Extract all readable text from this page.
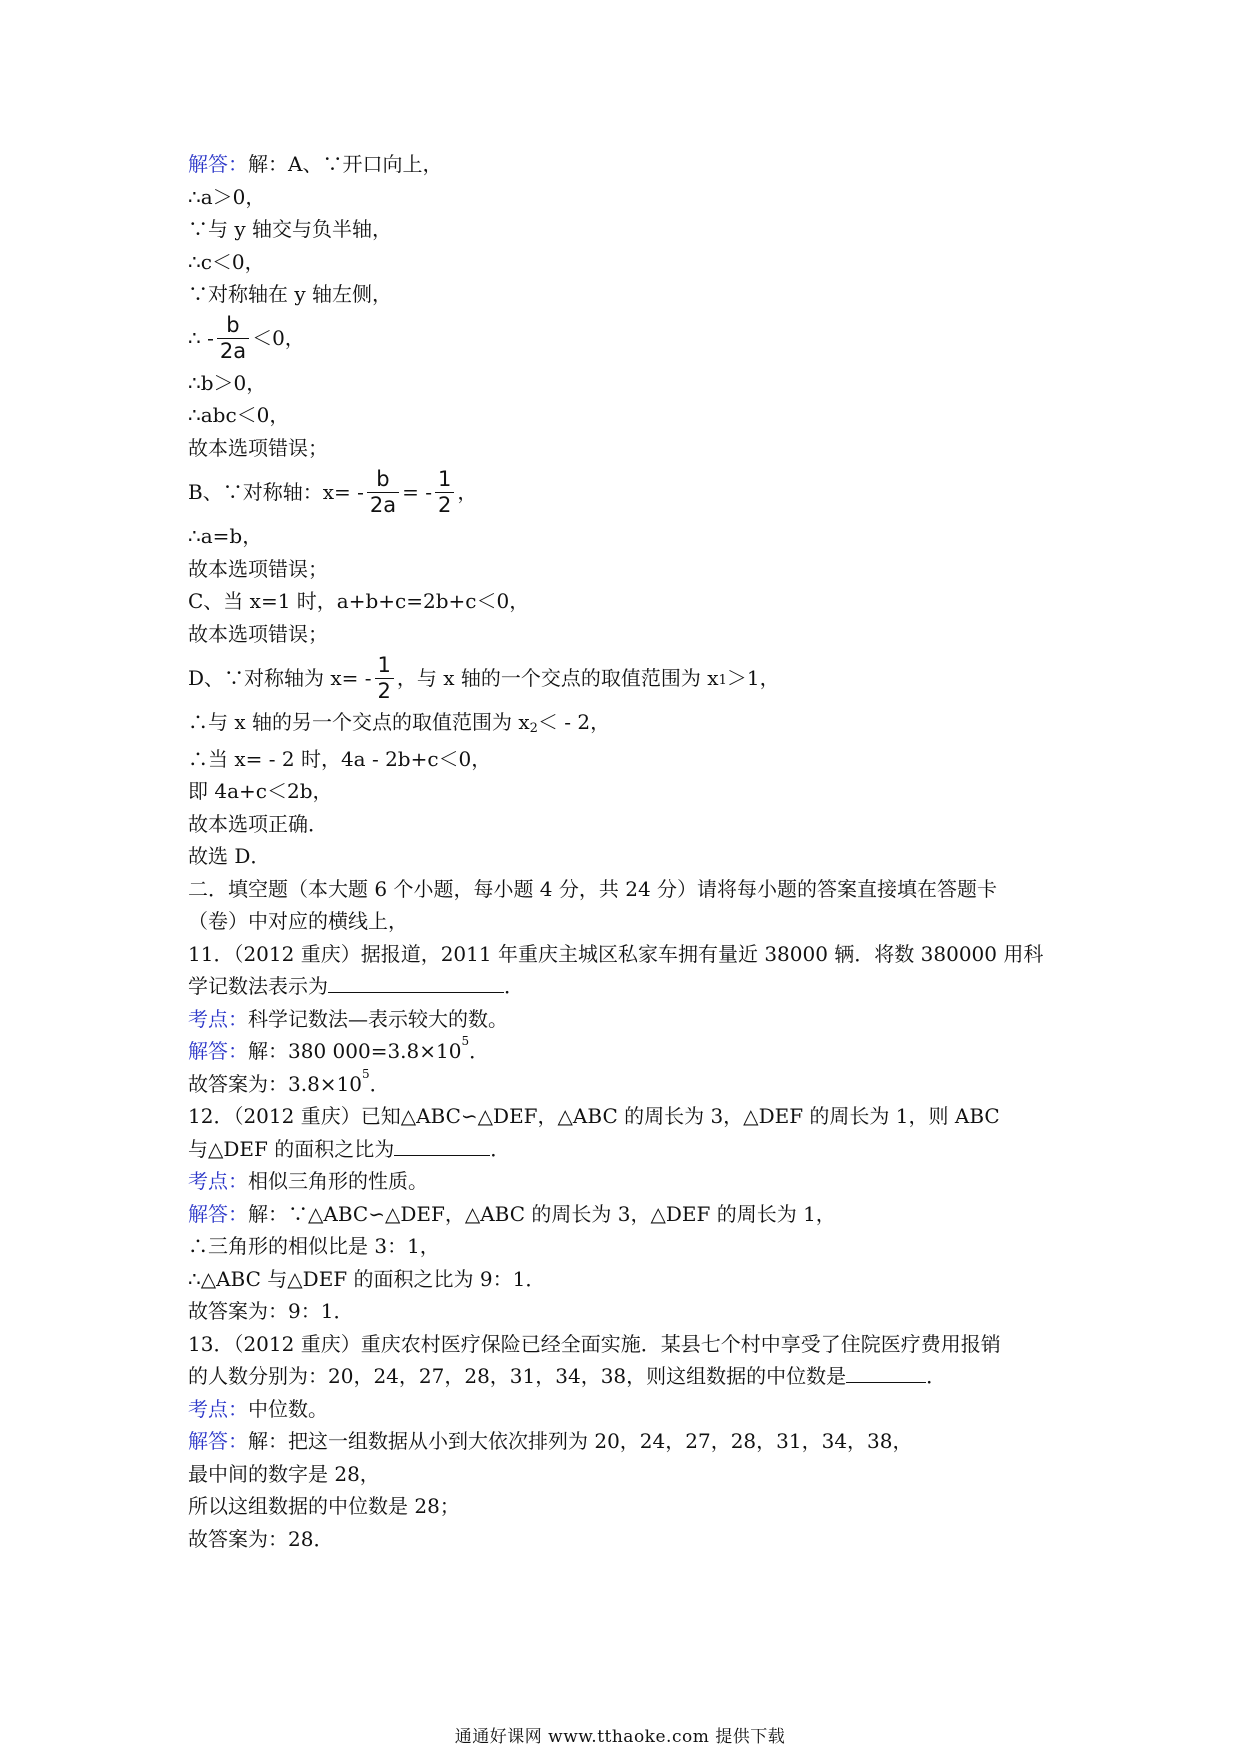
解答：解：A、∵开口向上，
∴a＞0，
∵与 y 轴交与负半轴，
∴c＜0，
∵对称轴在 y 轴左侧，
∴ - $\frac{b}{2a} <0$，
∴b＞0，
∴abc＜0，
故本选项错误；
B、∵对称轴：$x= - \frac{b}{2a}$ = - $\frac{1}{2}$ ，
∴a=b，
故本选项错误；
C、当 x=1 时，a+b+c=2b+c＜0，
故本选项错误；
D、∵对称轴为 $x= - \frac{1}{2}$ ，与 x 轴的一个交点的取值范围为 $x_1 >1$，
∴与 x 轴的另一个交点的取值范围为 $x_2< - 2$，
∴当 x= - 2 时，4a - 2b+c＜0，
即 4a+c＜2b，
故本选项正确．
故选 D．
二．填空题（本大题 6 个小题，每小题 4 分，共 24 分）请将每小题的答案直接填在答题卡
（卷）中对应的横线上，
11．（2012 重庆）据报道，2011 年重庆主城区私家车拥有量近 38000 辆．将数 380000 用科
学记数法表示为	．
考点：科学记数法—表示较大的数。
解答：解：380 $000=3.8\times 10^5$．
故答案为：$3.8\times 10^5$．
12．（2012 重庆）已知△ABC∽△DEF，△ABC 的周长为 3，△DEF 的周长为 1，则 ABC
与△DEF 的面积之比为	．
考点：相似三角形的性质。
解答：解：∵△ABC∽△DEF，△ABC 的周长为 3，△DEF 的周长为 1，
∴三角形的相似比是 3：1，
∴△ABC 与△DEF 的面积之比为 9：1．
故答案为：9：1．
13．（2012 重庆）重庆农村医疗保险已经全面实施．某县七个村中享受了住院医疗费用报销
的人数分别为：20，24，27，28，31，34，38，则这组数据的中位数是	．
考点：中位数。
解答：解：把这一组数据从小到大依次排列为 20，24，27，28，31，34，38，
最中间的数字是 28，
所以这组数据的中位数是 28；
故答案为：28．
通通好课网 www.tthaoke.com 提供下载
